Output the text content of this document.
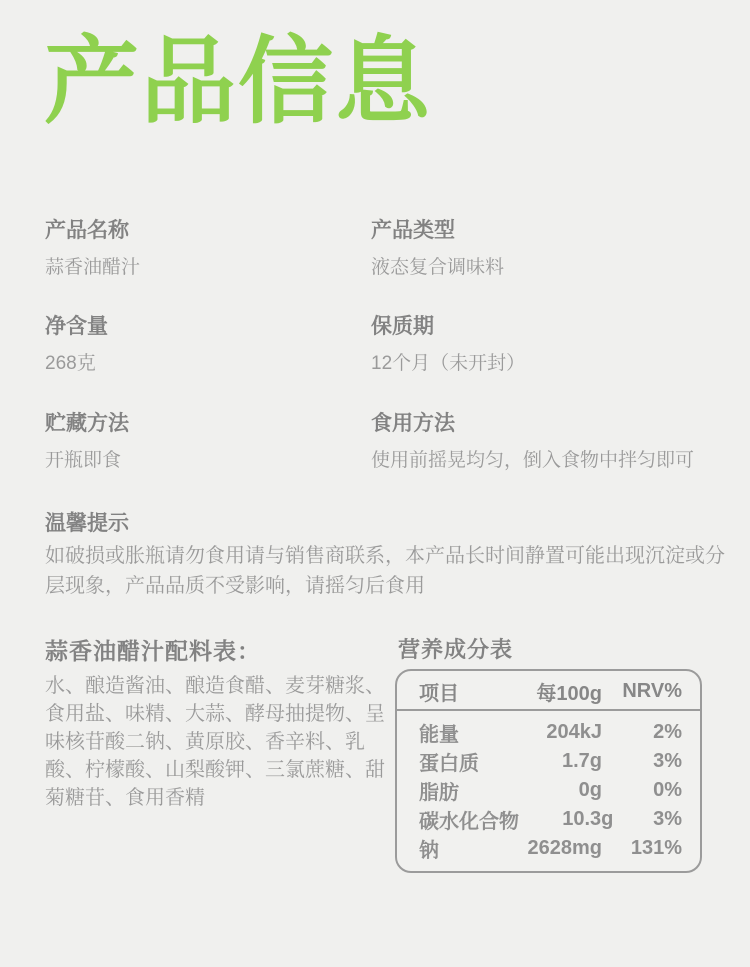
产品信息
产品名称
蒜香油醋汁
产品类型
液态复合调味料
净含量
268克
保质期
12个月（未开封）
贮藏方法
开瓶即食
食用方法
使用前摇晃均匀，倒入食物中拌匀即可
温馨提示
如破损或胀瓶请勿食用请与销售商联系，本产品长时间静置可能出现沉淀或分层现象，产品品质不受影响，请摇匀后食用
蒜香油醋汁配料表：
水、酿造酱油、酿造食醋、麦芽糖浆、食用盐、味精、大蒜、酵母抽提物、呈味核苷酸二钠、黄原胶、香辛料、乳酸、柠檬酸、山梨酸钾、三氯蔗糖、甜菊糖苷、食用香精
营养成分表
项目	每100g	NRV%
能量	204kJ	2%
蛋白质	1.7g	3%
脂肪	0g	0%
碳水化合物	10.3g	3%
钠	2628mg	131%
